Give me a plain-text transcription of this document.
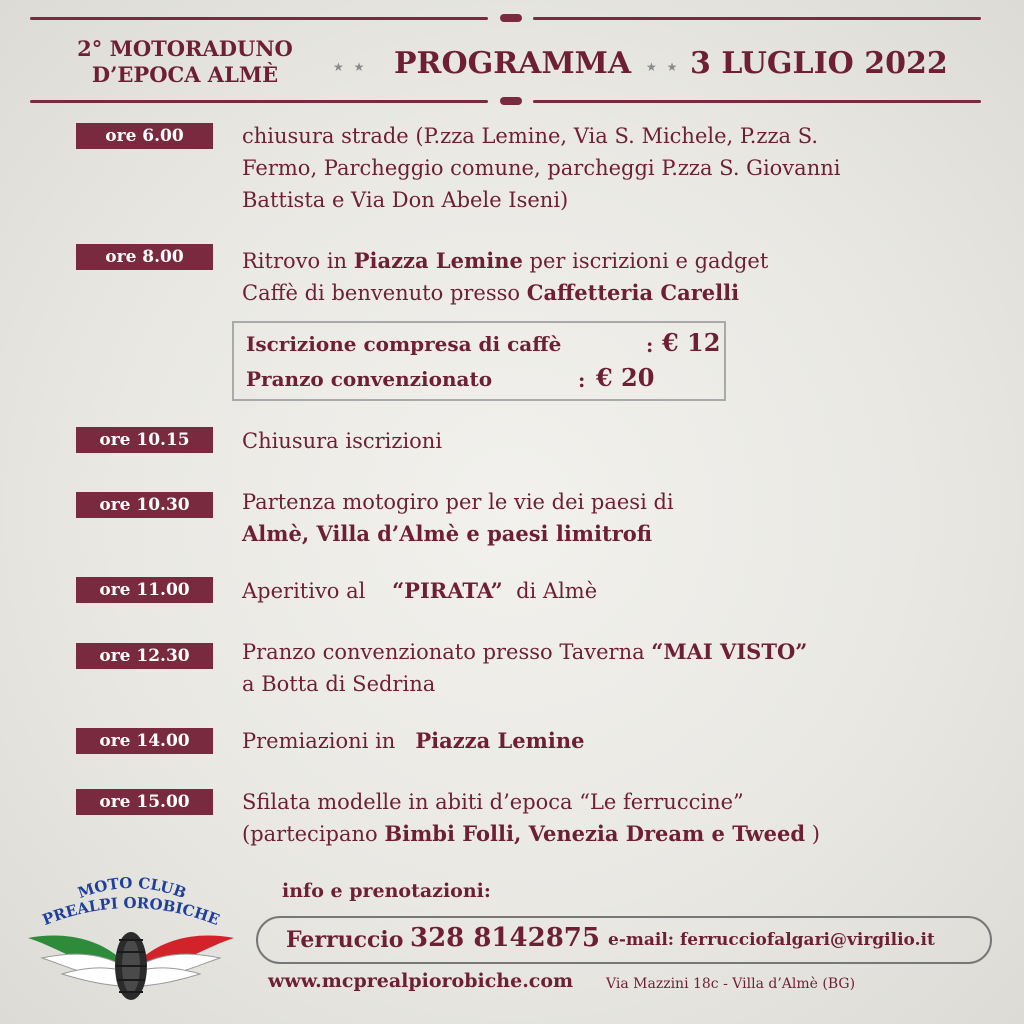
2° MOTORADUNO
D’EPOCA ALMÈ	★ ★ PROGRAMMA ★ ★ 3 LUGLIO 2022
ore 6.00	chiusura strade (P.zza Lemine, Via S. Michele, P.zza S.
Fermo, Parcheggio comune, parcheggi P.zza S. Giovanni
Battista e Via Don Abele Iseni)
ore 8.00	Ritrovo in Piazza Lemine per iscrizioni e gadget
Caffè di benvenuto presso Caffetteria Carelli
Iscrizione compresa di caffè	: € 12
Pranzo convenzionato	: € 20
ore 10.15	Chiusura iscrizioni
ore 10.30	Partenza motogiro per le vie dei paesi di
Almè, Villa d’Almè e paesi limitrofi
ore 11.00	Aperitivo al    “PIRATA”  di Almè
ore 12.30	Pranzo convenzionato presso Taverna “MAI VISTO”
a Botta di Sedrina
ore 14.00	Premiazioni in   Piazza Lemine
ore 15.00	Sfilata modelle in abiti d’epoca “Le ferruccine”
(partecipano Bimbi Folli, Venezia Dream e Tweed )
MOTO CLUB
PREALPI OROBICHE
info e prenotazioni:
Ferruccio 328 8142875 e-mail: ferrucciofalgari@virgilio.it
www.mcprealpiorobiche.com Via Mazzini 18c - Villa d’Almè (BG)
